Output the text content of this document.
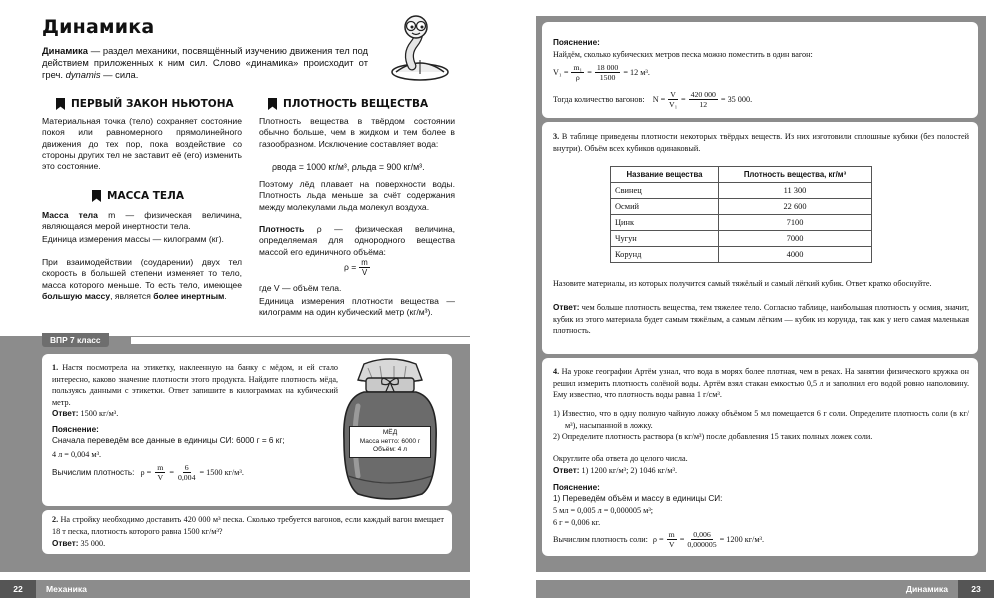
Динамика

Динамика — раздел механики, посвящённый изучению движения тел под действием приложенных к ним сил. Слово «динамика» происходит от греч. dynamis — сила.

ПЕРВЫЙ ЗАКОН НЬЮТОНА

Материальная точка (тело) сохраняет состояние покоя или равномерного прямолинейного движения до тех пор, пока воздействие со стороны других тел не заставит её (его) изменить это состояние.

МАССА ТЕЛА

Масса тела m — физическая величина, являющаяся мерой инертности тела.

Единица измерения массы — килограмм (кг).

При взаимодействии (соударении) двух тел скорость в большей степени изменяет то тело, масса которого меньше. То есть тело, имеющее большую массу, является более инертным.

ПЛОТНОСТЬ ВЕЩЕСТВА

Плотность вещества в твёрдом состоянии обычно больше, чем в жидком и тем более в газообразном. Исключение составляет вода:

ρвода = 1000 кг/м³, ρльда = 900 кг/м³.

Поэтому лёд плавает на поверхности воды. Плотность льда меньше за счёт содержания между молекулами льда молекул воздуха.

Плотность ρ — физическая величина, определяемая для однородного вещества массой его единичного объёма:

$\rho = \frac{m}{V}$

где V — объём тела.

Единица измерения плотности вещества — килограмм на один кубический метр (кг/м³).

ВПР 7 класс

1. Настя посмотрела на этикетку, наклеенную на банку с мёдом, и ей стало интересно, каково значение плотности этого продукта. Найдите плотность мёда, пользуясь данными с этикетки. Ответ запишите в килограммах на кубический метр.

Ответ: 1500 кг/м³.

Пояснение:

Сначала переведём все данные в единицы СИ: 6000 г = 6 кг;

4 л = 0,004 м³.

Вычислим плотность: $\rho = \frac{m}{V} = \frac{6}{0,004} = 1500$ кг/м³.
МЁД
Масса нетто: 6000 г
Объём: 4 л

2. На стройку необходимо доставить 420 000 м³ песка. Сколько требуется вагонов, если каждый вагон вмещает 18 т песка, плотность которого равна 1500 кг/м³?

Ответ: 35 000.

22	Механика

Пояснение:

Найдём, сколько кубических метров песка можно поместить в один вагон:

$V_1 = \frac{\text{m₁}}{\rho} = \frac{18 000}{1500} = 12$ м³.
Тогда количество вагонов:
$N = \frac{V}{\text{V₁}} = \frac{420 000}{12} = 35$ 000.

3. В таблице приведены плотности некоторых твёрдых веществ. Из них изготовили сплошные кубики (без полостей внутри). Объём всех кубиков одинаковый.

Название вещества	Плотность вещества, кг/м³
Свинец	11 300
Осмий	22 600
Цинк	7100
Чугун	7000
Корунд	4000

Назовите материалы, из которых получится самый тяжёлый и самый лёгкий кубик. Ответ кратко обоснуйте.

Ответ: чем больше плотность вещества, тем тяжелее тело. Согласно таблице, наибольшая плотность у осмия, значит, кубик из этого материала будет самым тяжёлым, а самым лёгким — кубик из корунда, так как у него самая маленькая плотность.

4. На уроке географии Артём узнал, что вода в морях более плотная, чем в реках. На занятии физического кружка он решил измерить плотность солёной воды. Артём взял стакан емкостью 0,5 л и заполнил его водой ровно наполовину. Ему известно, что плотность воды равна 1 г/см³.

1) Известно, что в одну полную чайную ложку объёмом 5 мл помещается 6 г соли. Определите плотность соли (в кг/м³), насыпанной в ложку.

2) Определите плотность раствора (в кг/м³) после добавления 15 таких полных ложек соли.

Округлите оба ответа до целого числа.

Ответ: 1) 1200 кг/м³; 2) 1046 кг/м³.

Пояснение:

1) Переведём объём и массу в единицы СИ:

5 мл = 0,005 л = 0,000005 м³;

6 г = 0,006 кг.

Вычислим плотность соли: $\rho = \frac{m}{V} = \frac{0,006}{0,000005} = 1200$ кг/м³.
Динамика	23
